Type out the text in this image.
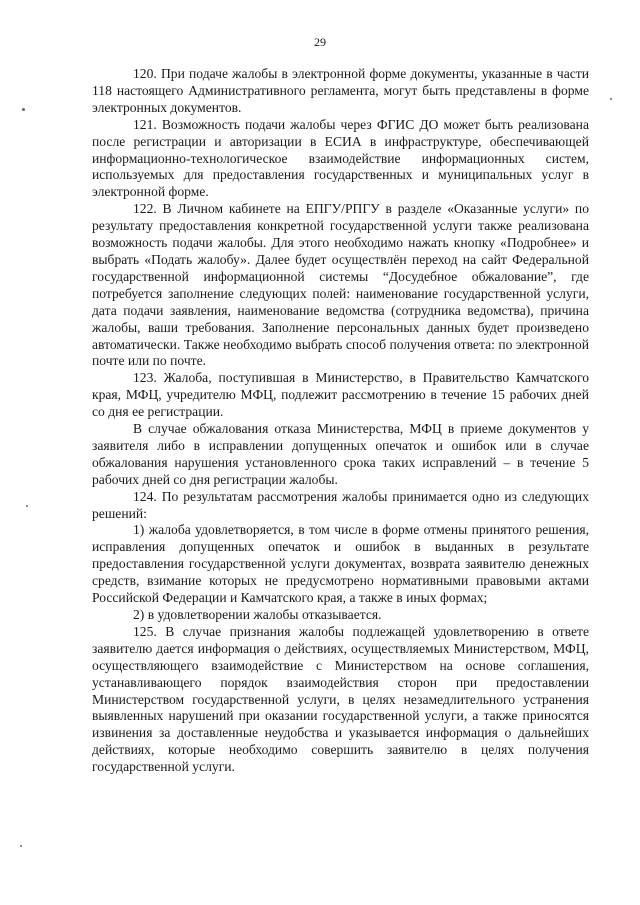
29

120. При подаче жалобы в электронной форме документы, указанные в части 118 настоящего Административного регламента, могут быть представлены в форме электронных документов.

121. Возможность подачи жалобы через ФГИС ДО может быть реализована после регистрации и авторизации в ЕСИА в инфраструктуре, обеспечивающей информационно-технологическое взаимодействие информационных систем, используемых для предоставления государственных и муниципальных услуг в электронной форме.

122. В Личном кабинете на ЕПГУ/РПГУ в разделе «Оказанные услуги» по результату предоставления конкретной государственной услуги также реализована возможность подачи жалобы. Для этого необходимо нажать кнопку «Подробнее» и выбрать «Подать жалобу». Далее будет осуществлён переход на сайт Федеральной государственной информационной системы “Досудебное обжалование”, где потребуется заполнение следующих полей: наименование государственной услуги, дата подачи заявления, наименование ведомства (сотрудника ведомства), причина жалобы, ваши требования. Заполнение персональных данных будет произведено автоматически. Также необходимо выбрать способ получения ответа: по электронной почте или по почте.

123. Жалоба, поступившая в Министерство, в Правительство Камчатского края, МФЦ, учредителю МФЦ, подлежит рассмотрению в течение 15 рабочих дней со дня ее регистрации.

В случае обжалования отказа Министерства, МФЦ в приеме документов у заявителя либо в исправлении допущенных опечаток и ошибок или в случае обжалования нарушения установленного срока таких исправлений – в течение 5 рабочих дней со дня регистрации жалобы.

124. По результатам рассмотрения жалобы принимается одно из следующих решений:

1) жалоба удовлетворяется, в том числе в форме отмены принятого решения, исправления допущенных опечаток и ошибок в выданных в результате предоставления государственной услуги документах, возврата заявителю денежных средств, взимание которых не предусмотрено нормативными правовыми актами Российской Федерации и Камчатского края, а также в иных формах;

2) в удовлетворении жалобы отказывается.

125. В случае признания жалобы подлежащей удовлетворению в ответе заявителю дается информация о действиях, осуществляемых Министерством, МФЦ, осуществляющего взаимодействие с Министерством на основе соглашения, устанавливающего порядок взаимодействия сторон при предоставлении Министерством государственной услуги, в целях незамедлительного устранения выявленных нарушений при оказании государственной услуги, а также приносятся извинения за доставленные неудобства и указывается информация о дальнейших действиях, которые необходимо совершить заявителю в целях получения государственной услуги.
